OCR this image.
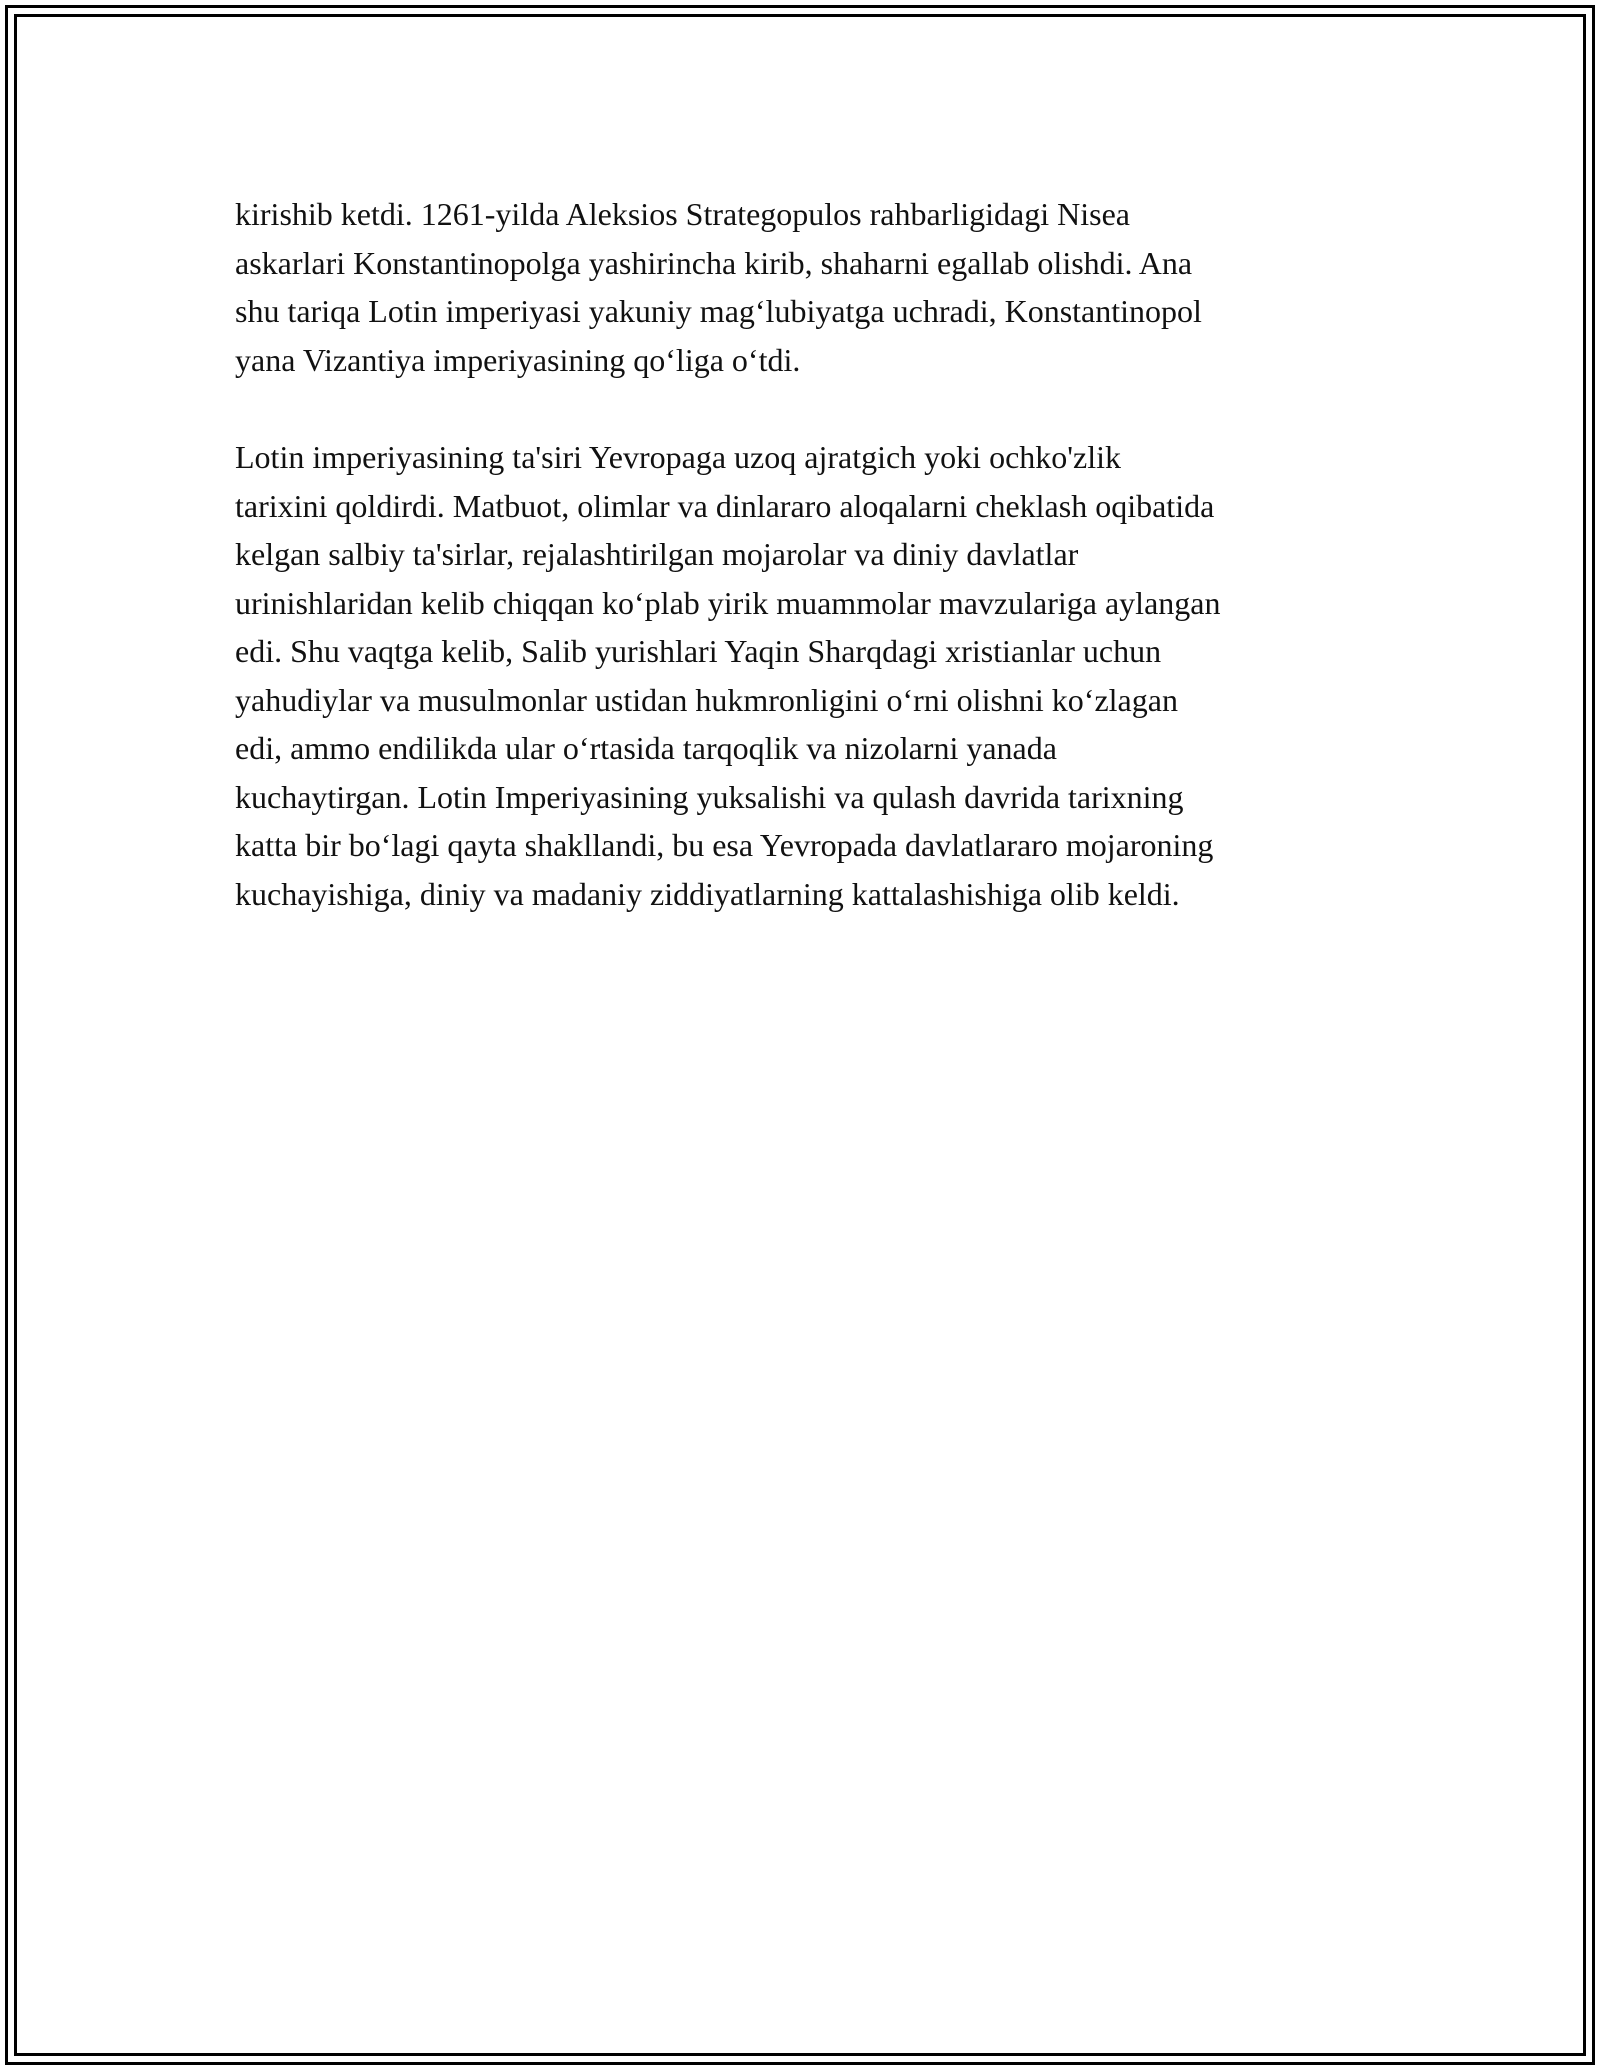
kirishib ketdi. 1261-yilda Aleksios Strategopulos rahbarligidagi Nisea
askarlari Konstantinopolga yashirincha kirib, shaharni egallab olishdi. Ana
shu tariqa Lotin imperiyasi yakuniy mag‘lubiyatga uchradi, Konstantinopol
yana Vizantiya imperiyasining qo‘liga o‘tdi.

Lotin imperiyasining ta'siri Yevropaga uzoq ajratgich yoki ochko'zlik
tarixini qoldirdi. Matbuot, olimlar va dinlararo aloqalarni cheklash oqibatida
kelgan salbiy ta'sirlar, rejalashtirilgan mojarolar va diniy davlatlar
urinishlaridan kelib chiqqan ko‘plab yirik muammolar mavzulariga aylangan
edi. Shu vaqtga kelib, Salib yurishlari Yaqin Sharqdagi xristianlar uchun
yahudiylar va musulmonlar ustidan hukmronligini o‘rni olishni ko‘zlagan
edi, ammo endilikda ular o‘rtasida tarqoqlik va nizolarni yanada
kuchaytirgan. Lotin Imperiyasining yuksalishi va qulash davrida tarixning
katta bir bo‘lagi qayta shakllandi, bu esa Yevropada davlatlararo mojaroning
kuchayishiga, diniy va madaniy ziddiyatlarning kattalashishiga olib keldi.
